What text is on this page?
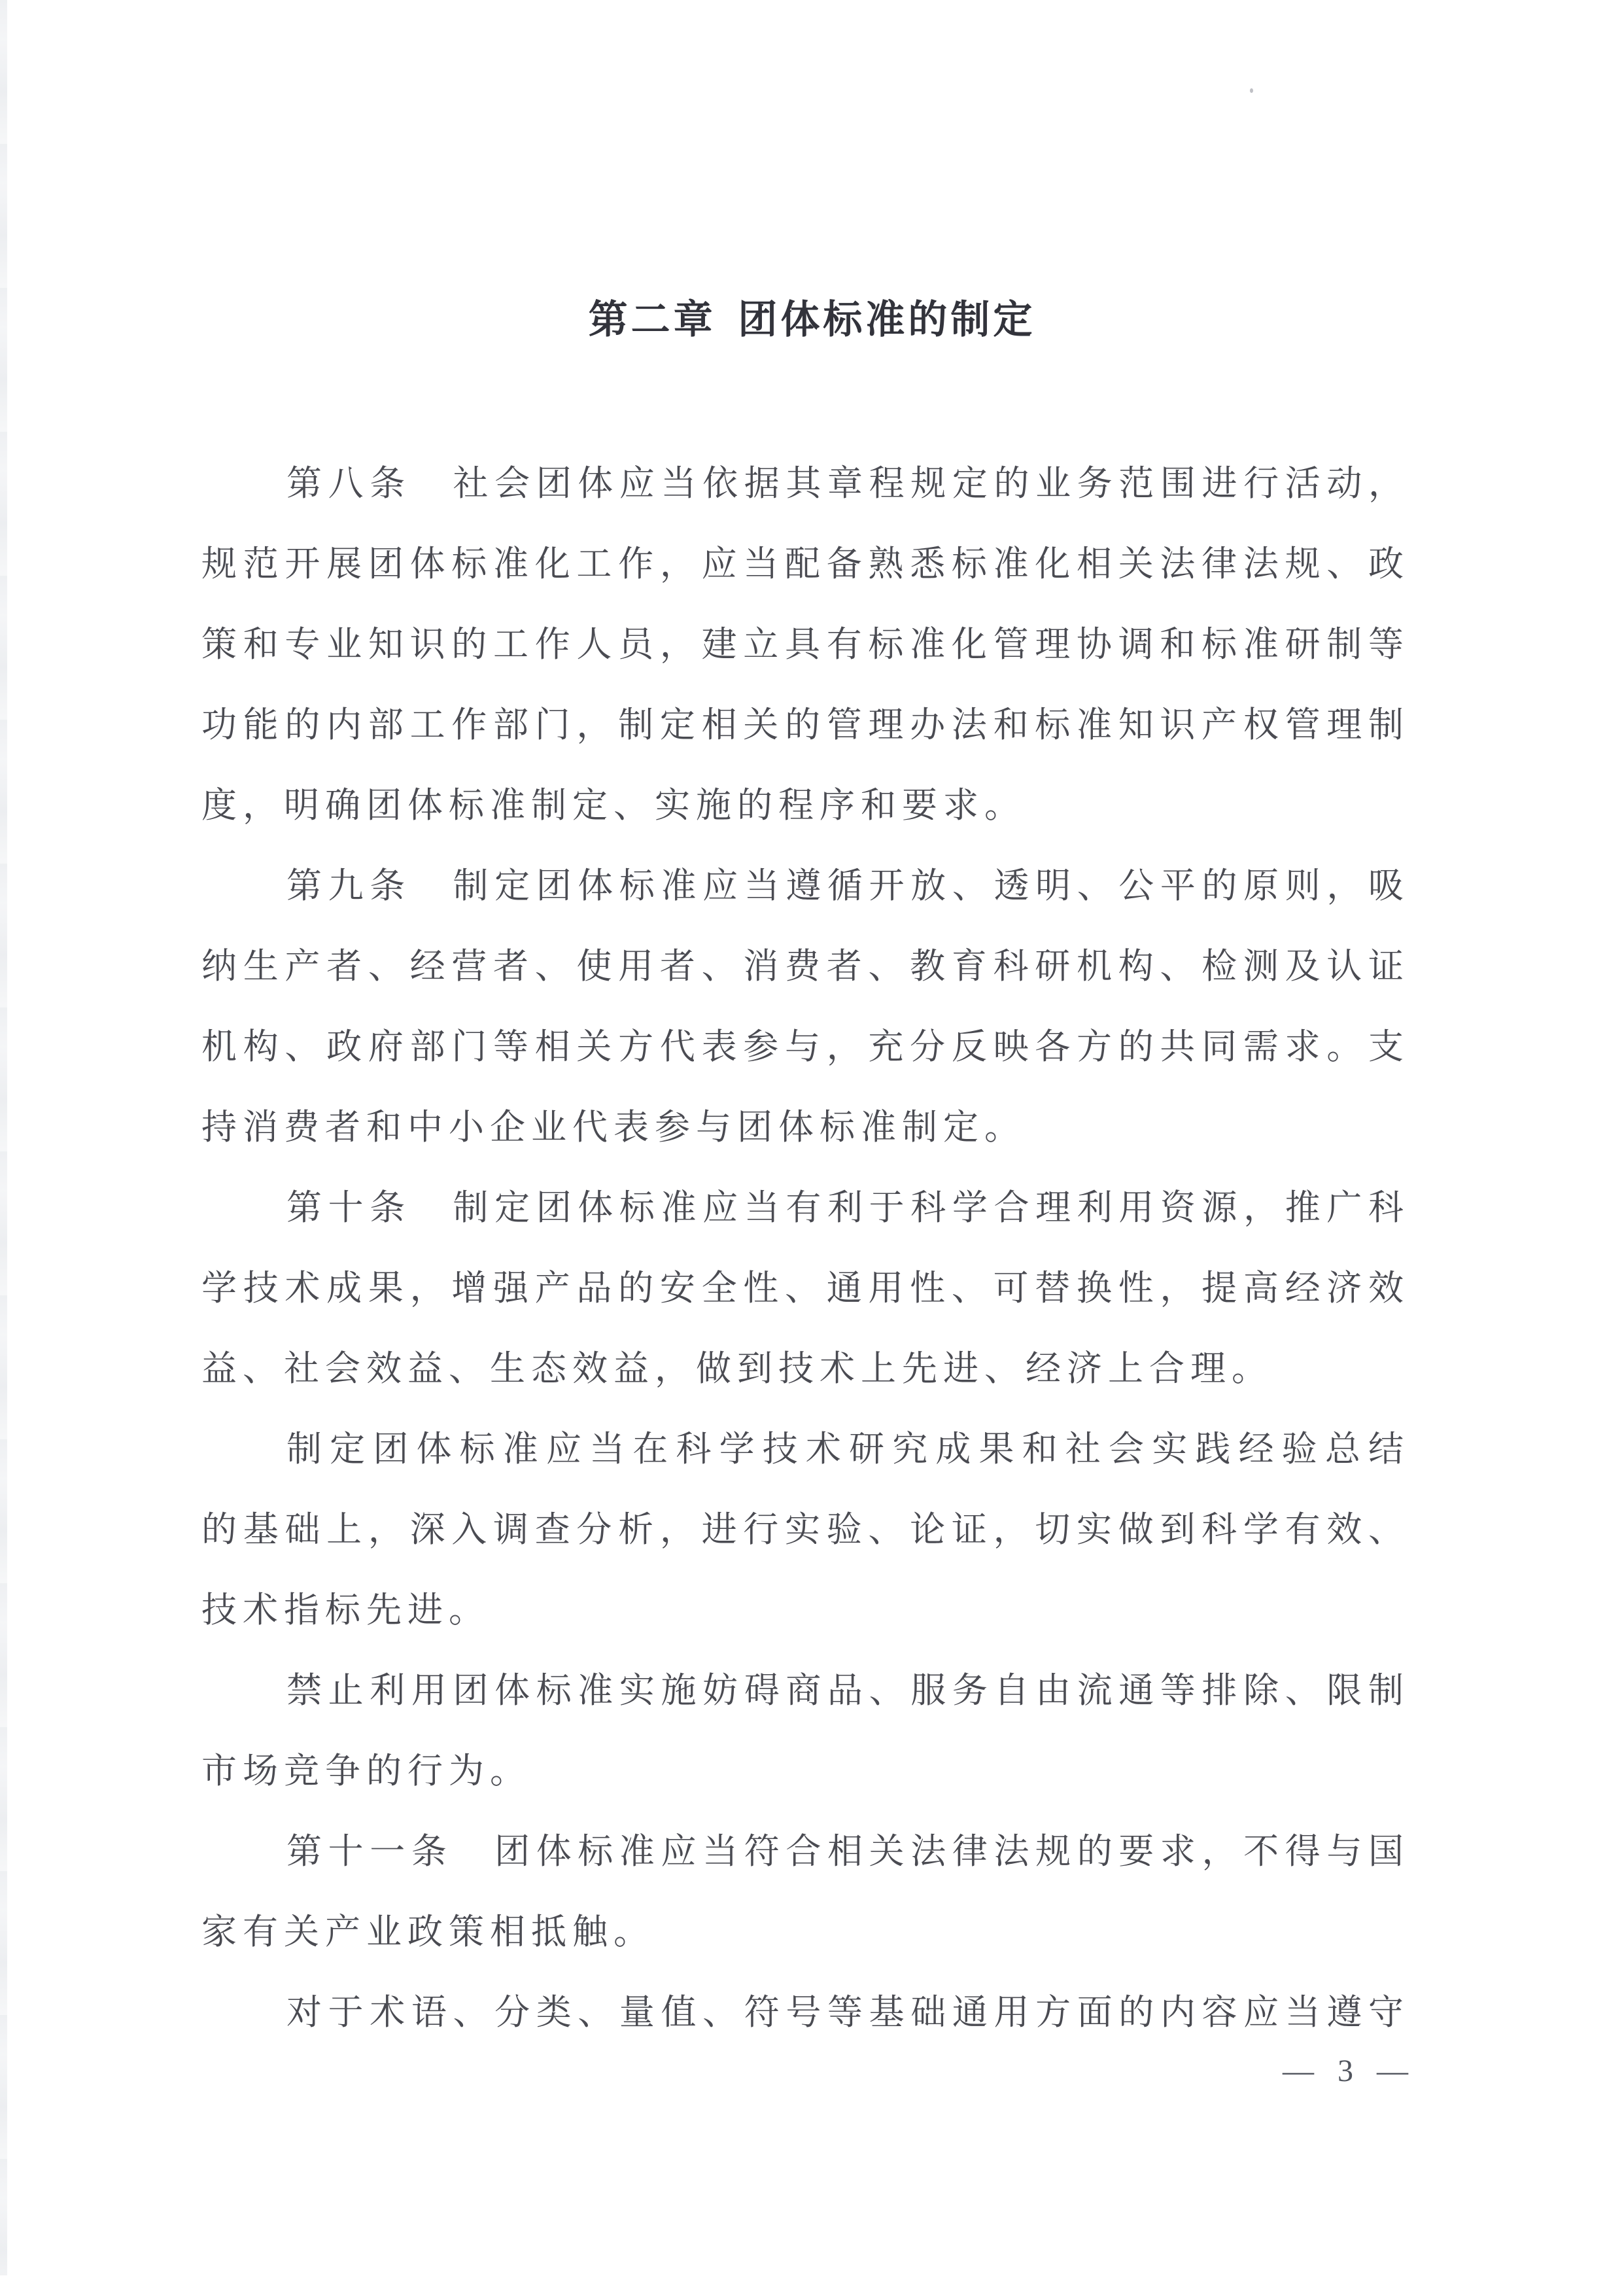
第二章 团体标准的制定
第八条　社会团体应当依据其章程规定的业务范围进行活动，
规范开展团体标准化工作，应当配备熟悉标准化相关法律法规、政
策和专业知识的工作人员，建立具有标准化管理协调和标准研制等
功能的内部工作部门，制定相关的管理办法和标准知识产权管理制
度，明确团体标准制定、实施的程序和要求。
第九条　制定团体标准应当遵循开放、透明、公平的原则，吸
纳生产者、经营者、使用者、消费者、教育科研机构、检测及认证
机构、政府部门等相关方代表参与，充分反映各方的共同需求。支
持消费者和中小企业代表参与团体标准制定。
第十条　制定团体标准应当有利于科学合理利用资源，推广科
学技术成果，增强产品的安全性、通用性、可替换性，提高经济效
益、社会效益、生态效益，做到技术上先进、经济上合理。
制定团体标准应当在科学技术研究成果和社会实践经验总结
的基础上，深入调查分析，进行实验、论证，切实做到科学有效、
技术指标先进。
禁止利用团体标准实施妨碍商品、服务自由流通等排除、限制
市场竞争的行为。
第十一条　团体标准应当符合相关法律法规的要求，不得与国
家有关产业政策相抵触。
对于术语、分类、量值、符号等基础通用方面的内容应当遵守
— 3 —
